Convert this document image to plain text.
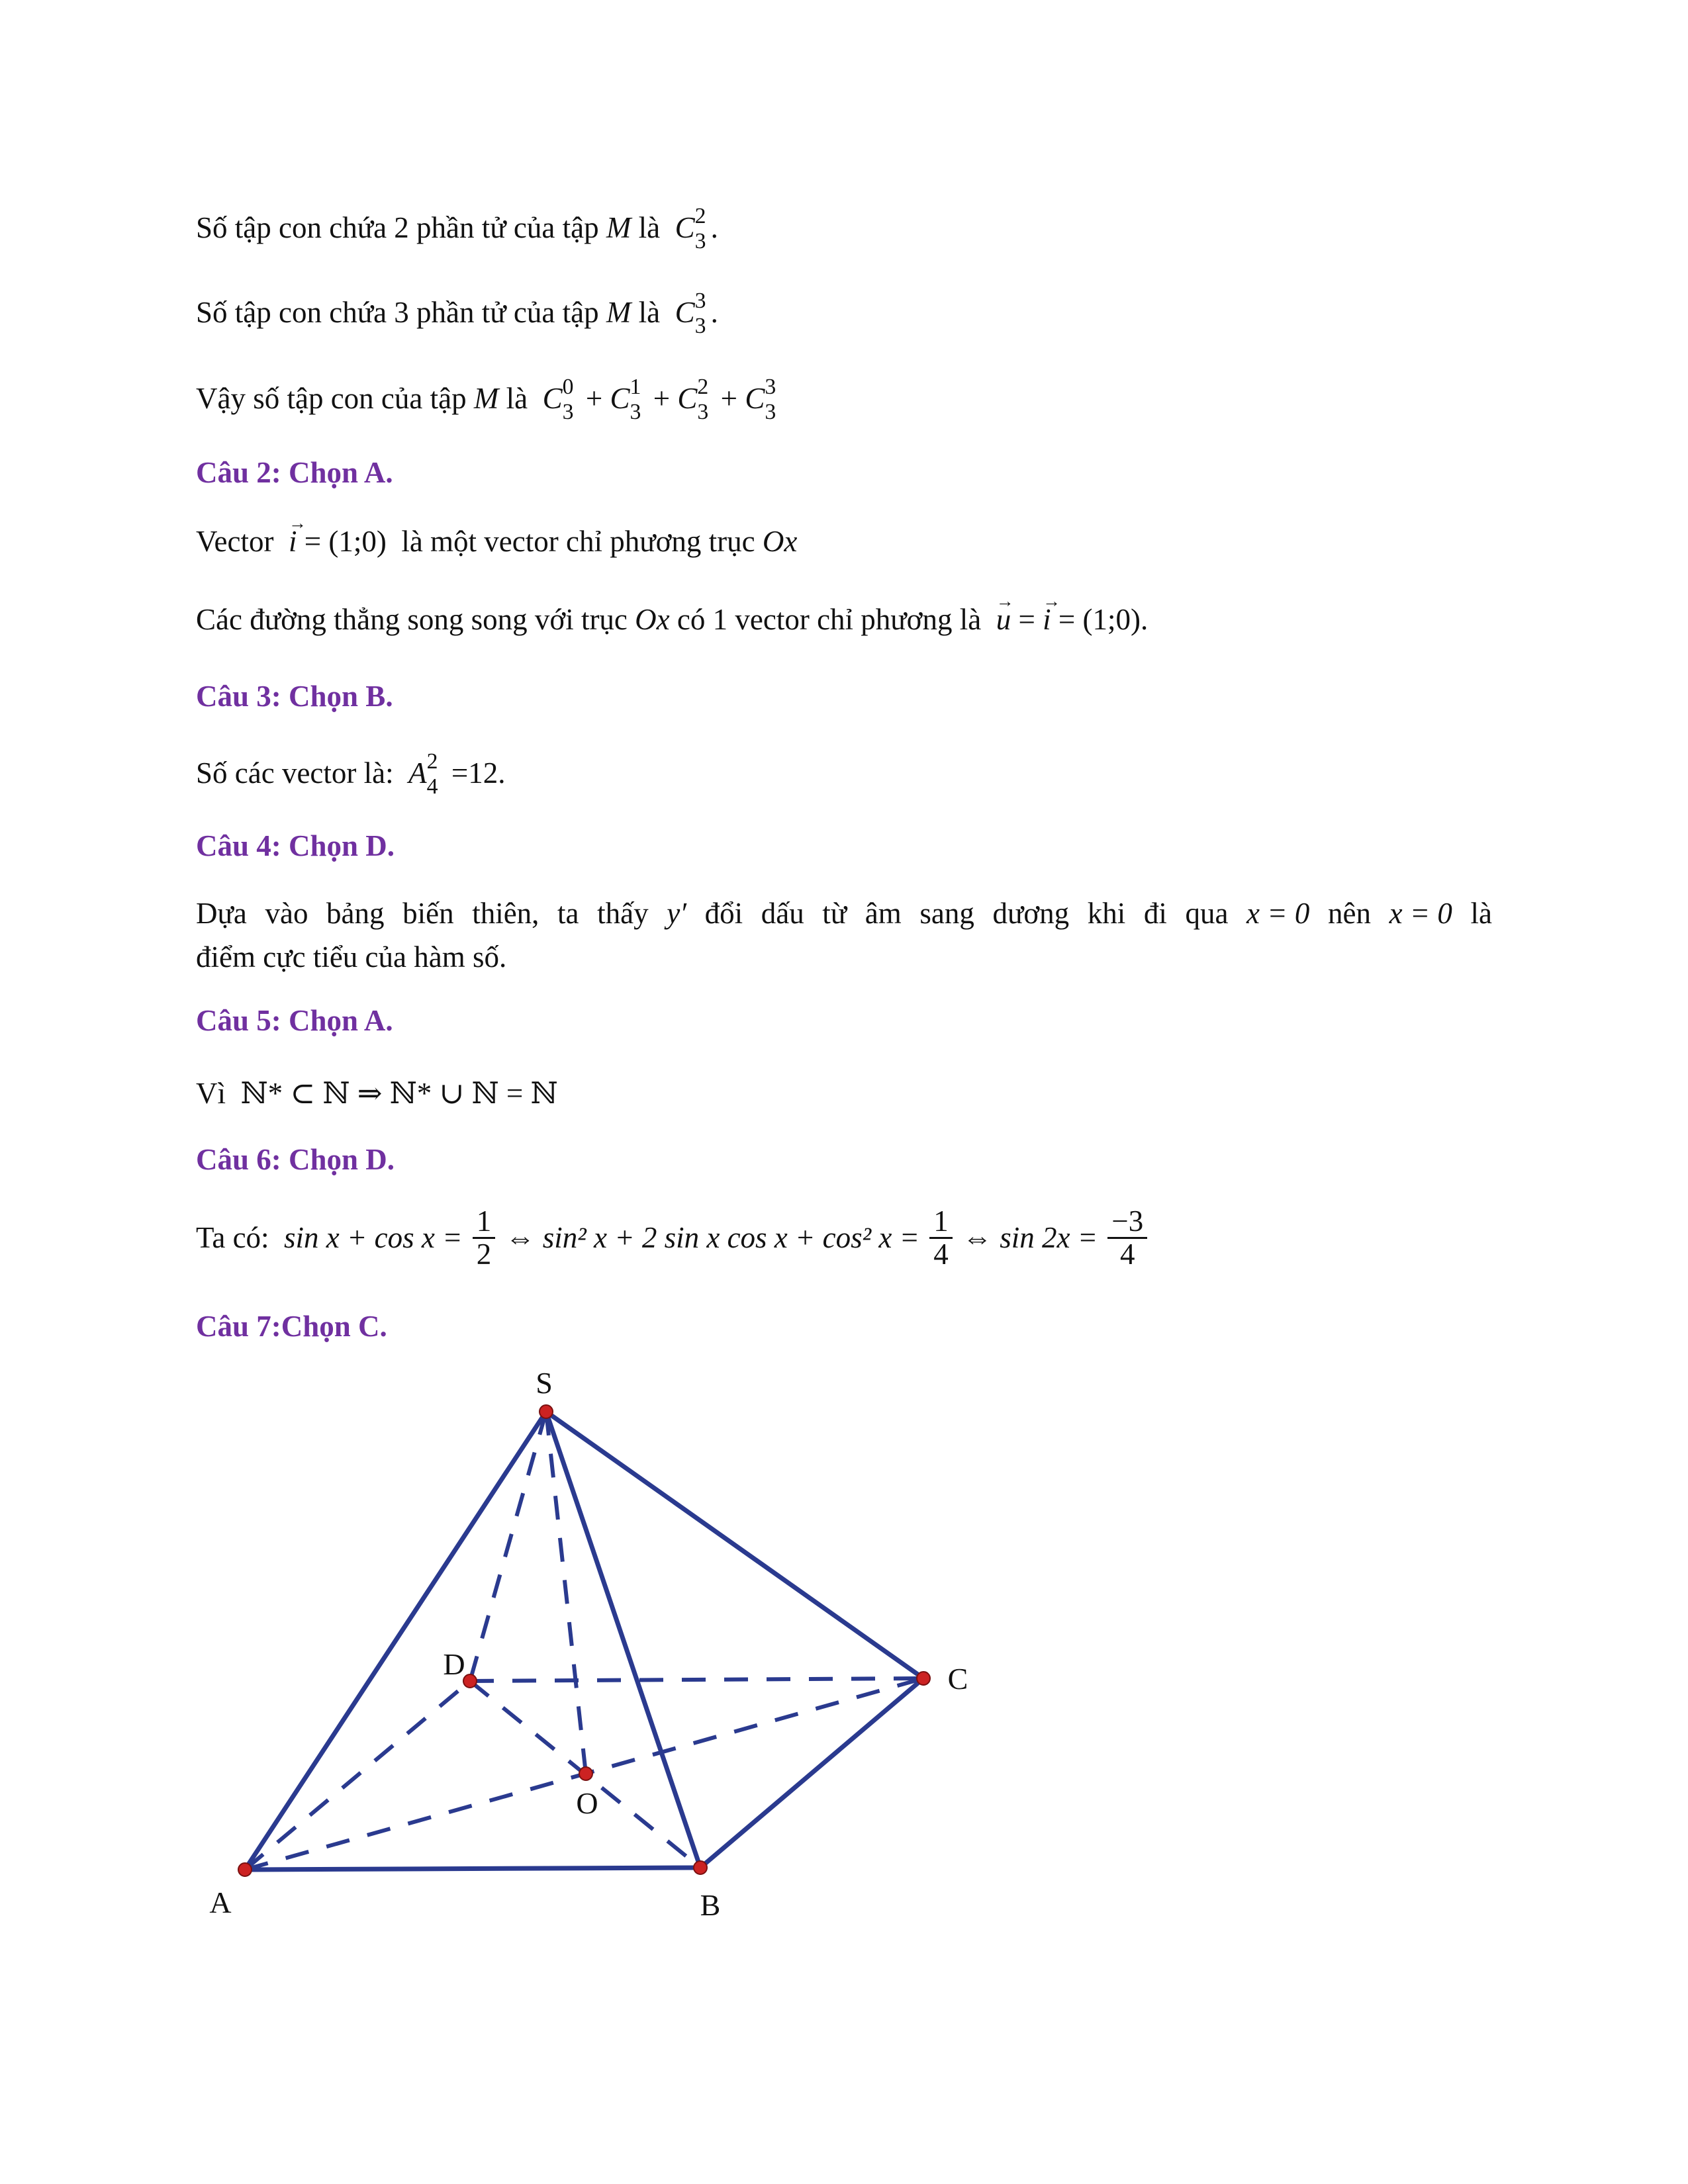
Số tập con chứa 2 phần tử của tập M là  C 2
3 .
Số tập con chứa 3 phần tử của tập M là  C 3
3 .
Vậy số tập con của tập M là  C 0
3 + C 1
3 + C 2
3 + C 3
3
Câu 2: Chọn A.
Vector → i = (1;0) là một vector chỉ phương trục Ox
Các đường thẳng song song với trục Ox có 1 vector chỉ phương là → u = → i = (1;0).
Câu 3: Chọn B.
Số các vector là: A 2
4 =12.
Câu 4: Chọn D.
Dựa vào bảng biến thiên, ta thấy y′ đổi dấu từ âm sang dương khi đi qua x = 0 nên x = 0 là
điểm cực tiểu của hàm số.
Câu 5: Chọn A.
Vì ℕ* ⊂ ℕ ⇒ ℕ* ∪ ℕ = ℕ
Câu 6: Chọn D.
Ta có: $\sin x + \cos x = \frac{1}{2}$ ⇔ sin² x + 2 sin x cos x + cos² $x = \frac{1}{4}$ ⇔ $\sin 2x = \frac{-3}{4}$
Câu 7:Chọn C.
S
D	C
O
A	B
